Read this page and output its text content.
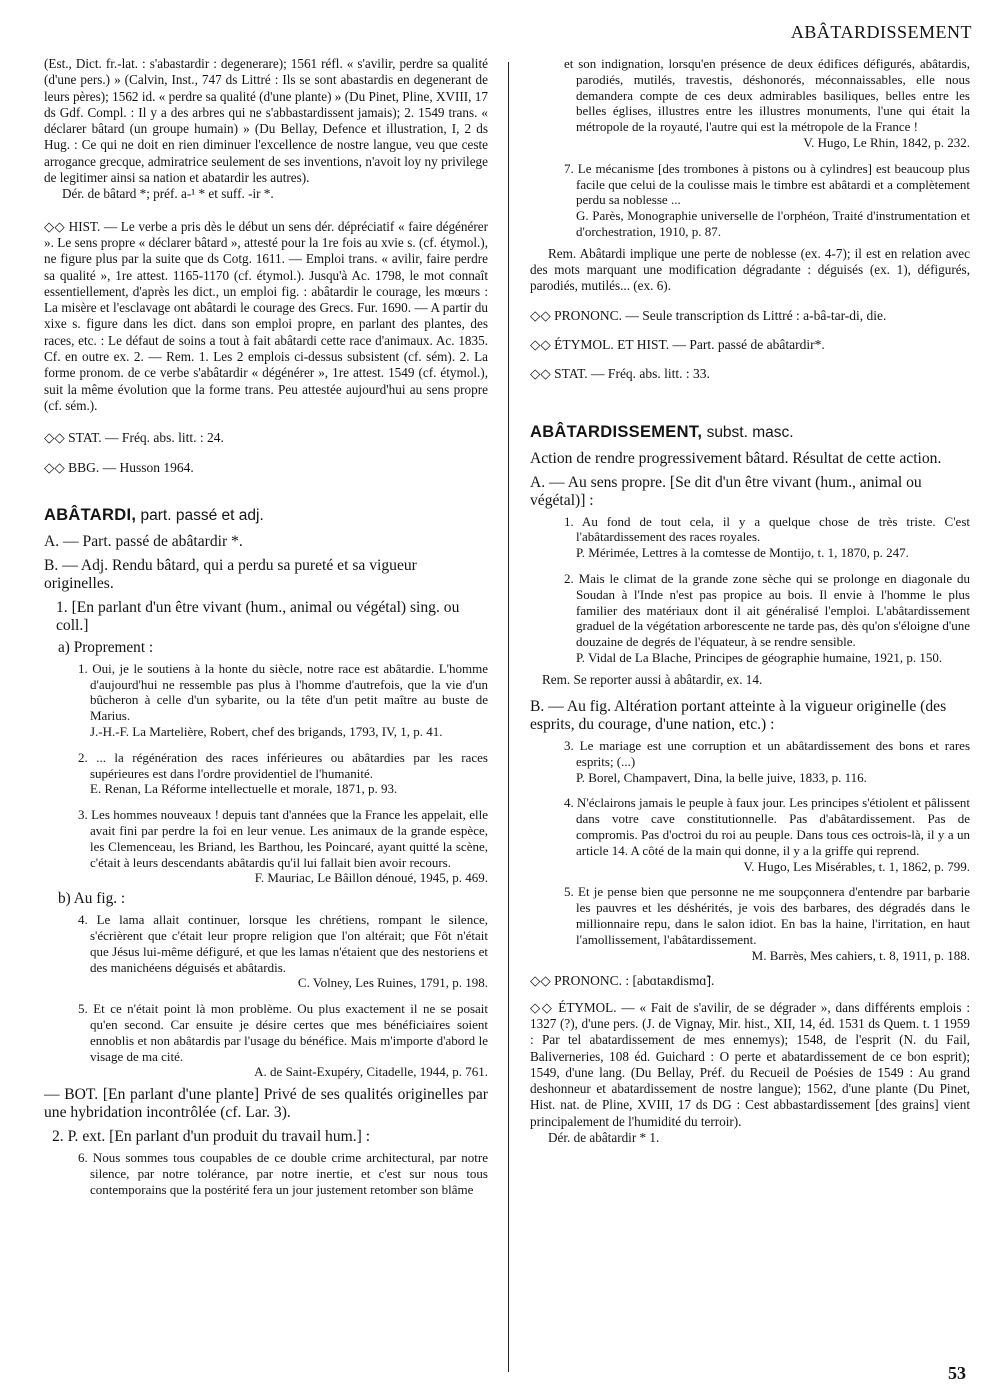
ABÂTARDISSEMENT

(Est., Dict. fr.-lat. : s'abastardir : degenerare); 1561 réfl. « s'avilir, perdre sa qualité (d'une pers.) » (Calvin, Inst., 747 ds Littré : Ils se sont abastardis en degenerant de leurs pères); 1562 id. « perdre sa qualité (d'une plante) » (Du Pinet, Pline, XVIII, 17 ds Gdf. Compl. : Il y a des arbres qui ne s'abbastardissent jamais); 2. 1549 trans. « déclarer bâtard (un groupe humain) » (Du Bellay, Defence et illustration, I, 2 ds Hug. : Ce qui ne doit en rien diminuer l'excellence de nostre langue, veu que ceste arrogance grecque, admiratrice seulement de ses inventions, n'avoit loy ny privilege de legitimer ainsi sa nation et abatardir les autres).

Dér. de bâtard *; préf. a-¹ * et suff. -ir *.

◇◇ HIST. — Le verbe a pris dès le début un sens dér. dépréciatif « faire dégénérer ». Le sens propre « déclarer bâtard », attesté pour la 1re fois au xvie s. (cf. étymol.), ne figure plus par la suite que ds Cotg. 1611. — Emploi trans. « avilir, faire perdre sa qualité », 1re attest. 1165-1170 (cf. étymol.). Jusqu'à Ac. 1798, le mot connaît essentiellement, d'après les dict., un emploi fig. : abâtardir le courage, les mœurs : La misère et l'esclavage ont abâtardi le courage des Grecs. Fur. 1690. — A partir du xixe s. figure dans les dict. dans son emploi propre, en parlant des plantes, des races, etc. : Le défaut de soins a tout à fait abâtardi cette race d'animaux. Ac. 1835. Cf. en outre ex. 2. — Rem. 1. Les 2 emplois ci-dessus subsistent (cf. sém). 2. La forme pronom. de ce verbe s'abâtardir « dégénérer », 1re attest. 1549 (cf. étymol.), suit la même évolution que la forme trans. Peu attestée aujourd'hui au sens propre (cf. sém.).

◇◇ STAT. — Fréq. abs. litt. : 24.

◇◇ BBG. — Husson 1964.

ABÂTARDI, part. passé et adj.

A. — Part. passé de abâtardir *.

B. — Adj. Rendu bâtard, qui a perdu sa pureté et sa vigueur originelles.

1. [En parlant d'un être vivant (hum., animal ou végétal) sing. ou coll.]

a) Proprement :

1. Oui, je le soutiens à la honte du siècle, notre race est abâtardie. L'homme d'aujourd'hui ne ressemble pas plus à l'homme d'autrefois, que la vie d'un bûcheron à celle d'un sybarite, ou la tête d'un petit maître au buste de Marius.
J.-H.-F. La Martelière, Robert, chef des brigands, 1793, IV, 1, p. 41.
2. ... la régénération des races inférieures ou abâtardies par les races supérieures est dans l'ordre providentiel de l'humanité.
E. Renan, La Réforme intellectuelle et morale, 1871, p. 93.
3. Les hommes nouveaux ! depuis tant d'années que la France les appelait, elle avait fini par perdre la foi en leur venue. Les animaux de la grande espèce, les Clemenceau, les Briand, les Barthou, les Poincaré, ayant quitté la scène, c'était à leurs descendants abâtardis qu'il lui fallait bien avoir recours.
F. Mauriac, Le Bâillon dénoué, 1945, p. 469.

b) Au fig. :

4. Le lama allait continuer, lorsque les chrétiens, rompant le silence, s'écrièrent que c'était leur propre religion que l'on altérait; que Fôt n'était que Jésus lui-même défiguré, et que les lamas n'étaient que des nestoriens et des manichéens déguisés et abâtardis.
C. Volney, Les Ruines, 1791, p. 198.
5. Et ce n'était point là mon problème. Ou plus exactement il ne se posait qu'en second. Car ensuite je désire certes que mes bénéficiaires soient ennoblis et non abâtardis par l'usage du bénéfice. Mais m'importe d'abord le visage de ma cité.
A. de Saint-Exupéry, Citadelle, 1944, p. 761.

— BOT. [En parlant d'une plante] Privé de ses qualités originelles par une hybridation incontrôlée (cf. Lar. 3).

2. P. ext. [En parlant d'un produit du travail hum.] :

6. Nous sommes tous coupables de ce double crime architectural, par notre silence, par notre tolérance, par notre inertie, et c'est sur nous tous contemporains que la postérité fera un jour justement retomber son blâme
et son indignation, lorsqu'en présence de deux édifices défigurés, abâtardis, parodiés, mutilés, travestis, déshonorés, méconnaissables, elle nous demandera compte de ces deux admirables basiliques, belles entre les belles églises, illustres entre les illustres monuments, l'une qui était la métropole de la royauté, l'autre qui est la métropole de la France !
V. Hugo, Le Rhin, 1842, p. 232.
7. Le mécanisme [des trombones à pistons ou à cylindres] est beaucoup plus facile que celui de la coulisse mais le timbre est abâtardi et a complètement perdu sa noblesse ...
G. Parès, Monographie universelle de l'orphéon, Traité d'instrumentation et d'orchestration, 1910, p. 87.

Rem. Abâtardi implique une perte de noblesse (ex. 4-7); il est en relation avec des mots marquant une modification dégradante : déguisés (ex. 1), défigurés, parodiés, mutilés... (ex. 6).

◇◇ PRONONC. — Seule transcription ds Littré : a-bâ-tar-di, die.

◇◇ ÉTYMOL. ET HIST. — Part. passé de abâtardir*.

◇◇ STAT. — Fréq. abs. litt. : 33.

ABÂTARDISSEMENT, subst. masc.

Action de rendre progressivement bâtard. Résultat de cette action.

A. — Au sens propre. [Se dit d'un être vivant (hum., animal ou végétal)] :

1. Au fond de tout cela, il y a quelque chose de très triste. C'est l'abâtardissement des races royales.
P. Mérimée, Lettres à la comtesse de Montijo, t. 1, 1870, p. 247.
2. Mais le climat de la grande zone sèche qui se prolonge en diagonale du Soudan à l'Inde n'est pas propice au bois. Il envie à l'homme le plus familier des matériaux dont il ait généralisé l'emploi. L'abâtardissement graduel de la végétation arborescente ne tarde pas, dès qu'on s'éloigne d'une douzaine de degrés de l'équateur, à se rendre sensible.
P. Vidal de La Blache, Principes de géographie humaine, 1921, p. 150.

Rem. Se reporter aussi à abâtardir, ex. 14.

B. — Au fig. Altération portant atteinte à la vigueur originelle (des esprits, du courage, d'une nation, etc.) :

3. Le mariage est une corruption et un abâtardissement des bons et rares esprits; (...)
P. Borel, Champavert, Dina, la belle juive, 1833, p. 116.
4. N'éclairons jamais le peuple à faux jour. Les principes s'étiolent et pâlissent dans votre cave constitutionnelle. Pas d'abâtardissement. Pas de compromis. Pas d'octroi du roi au peuple. Dans tous ces octrois-là, il y a un article 14. A côté de la main qui donne, il y a la griffe qui reprend.
V. Hugo, Les Misérables, t. 1, 1862, p. 799.
5. Et je pense bien que personne ne me soupçonnera d'entendre par barbarie les pauvres et les déshérités, je vois des barbares, des dégradés dans le millionnaire repu, dans le salon idiot. En bas la haine, l'irritation, en haut l'amollissement, l'abâtardissement.
M. Barrès, Mes cahiers, t. 8, 1911, p. 188.

◇◇ PRONONC. : [abɑtaʀdismɑ̃].

◇◇ ÉTYMOL. — « Fait de s'avilir, de se dégrader », dans différents emplois : 1327 (?), d'une pers. (J. de Vignay, Mir. hist., XII, 14, éd. 1531 ds Quem. t. 1 1959 : Par tel abatardissement de mes ennemys); 1548, de l'esprit (N. du Fail, Baliverneries, 108 éd. Guichard : O perte et abatardissement de ce bon esprit); 1549, d'une lang. (Du Bellay, Préf. du Recueil de Poésies de 1549 : Au grand deshonneur et abatardissement de nostre langue); 1562, d'une plante (Du Pinet, Hist. nat. de Pline, XVIII, 17 ds DG : Cest abbastardissement [des grains] vient principalement de l'humidité du terroir).

Dér. de abâtardir * 1.

53
